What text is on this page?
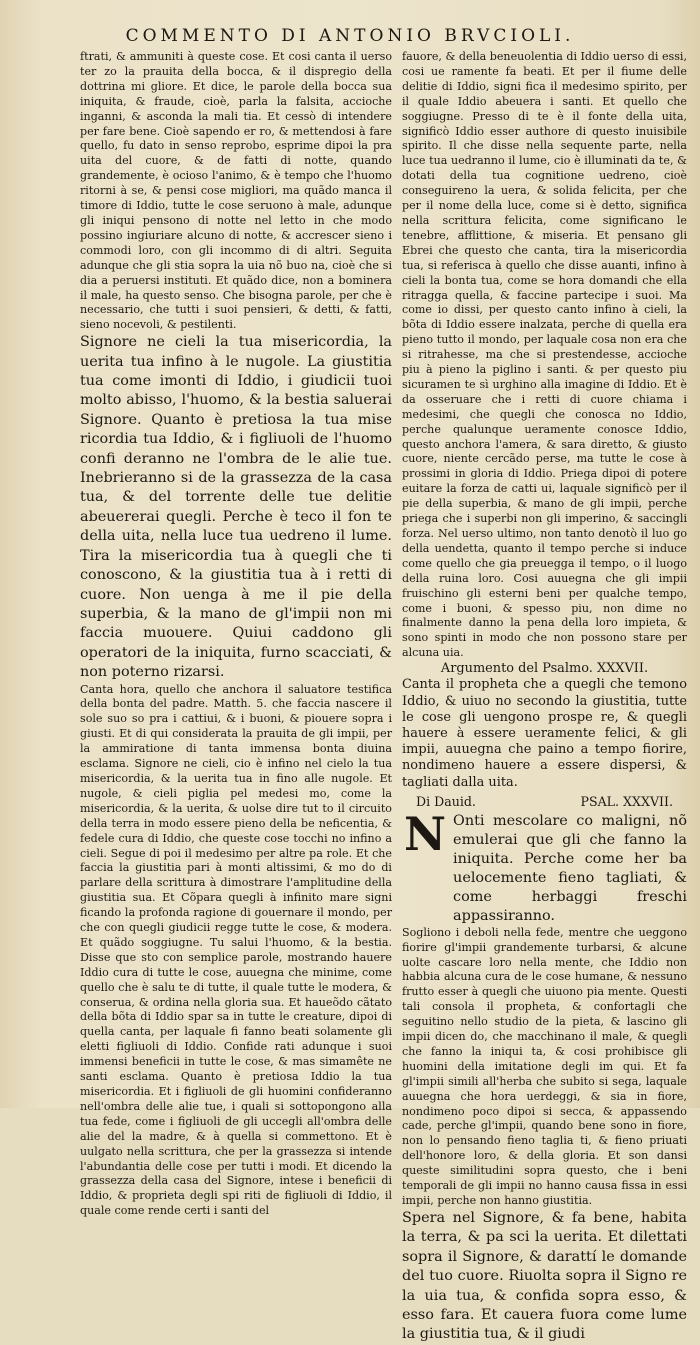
COMMENTO DI ANTONIO BRVCIOLI.

ftrati, & ammuniti à queste cose. Et cosi canta il uerso ter zo la prauita della bocca, & il dispregio della dottrina mi gliore. Et dice, le parole della bocca sua iniquita, & fraude, cioè, parla la falsita, accioche inganni, & asconda la mali tia. Et cessò di intendere per fare bene. Cioè sapendo er ro, & mettendosi à fare quello, fu dato in senso reprobo, esprime dipoi la pra uita del cuore, & de fatti di notte, quando grandemente, è ocioso l'animo, & è tempo che l'huomo ritorni à se, & pensi cose migliori, ma quãdo manca il timore di Iddio, tutte le cose seruono à male, adunque gli iniqui pensono di notte nel letto in che modo possino ingiuriare alcuno di notte, & accrescer sieno i commodi loro, con gli incommo di di altri. Seguita adunque che gli stia sopra la uia nõ buo na, cioè che si dia a peruersi instituti. Et quãdo dice, non a bominera il male, ha questo senso. Che bisogna parole, per che è necessario, che tutti i suoi pensieri, & detti, & fatti, sieno nocevoli, & pestilenti.

Signore ne cieli la tua misericordia, la uerita tua infino à le nugole. La giustitia tua come imonti di Iddio, i giudicii tuoi molto abisso, l'huomo, & la bestia saluerai Signore. Quanto è pretiosa la tua mise ricordia tua Iddio, & i figliuoli de l'huomo confi deranno ne l'ombra de le alie tue. Inebrieranno si de la grassezza de la casa tua, & del torrente delle tue delitie abeuererai quegli. Perche è teco il fon te della uita, nella luce tua uedreno il lume. Tira la misericordia tua à quegli che ti conoscono, & la giustitia tua à i retti di cuore. Non uenga à me il pie della superbia, & la mano de gl'impii non mi faccia muouere. Quiui caddono gli operatori de la iniquita, furno scacciati, & non poterno rizarsi.

Canta hora, quello che anchora il saluatore testifica della bonta del padre. Matth. 5. che faccia nascere il sole suo so pra i cattiui, & i buoni, & piouere sopra i giusti. Et di qui considerata la prauita de gli impii, per la ammiratione di tanta immensa bonta diuina esclama. Signore ne cieli, cio è infino nel cielo la tua misericordia, & la uerita tua in fino alle nugole. Et nugole, & cieli piglia pel medesi mo, come la misericordia, & la uerita, & uolse dire tut to il circuito della terra in modo essere pieno della be neficentia, & fedele cura di Iddio, che queste cose tocchi no infino a cieli. Segue di poi il medesimo per altre pa role. Et che faccia la giustitia pari à monti altissimi, & mo do di parlare della scrittura à dimostrare l'amplitudine della giustitia sua. Et Cõpara quegli à infinito mare signi ficando la profonda ragione di gouernare il mondo, per che con quegli giudicii regge tutte le cose, & modera. Et quãdo soggiugne. Tu salui l'huomo, & la bestia. Disse que sto con semplice parole, mostrando hauere Iddio cura di tutte le cose, auuegna che minime, come quello che è salu te di tutte, il quale tutte le modera, & conserua, & ordina nella gloria sua. Et haueõdo cãtato della bõta di Iddio spar sa in tutte le creature, dipoi di quella canta, per laquale fi fanno beati solamente gli eletti figliuoli di Iddio. Confide rati adunque i suoi immensi beneficii in tutte le cose, & mas simamête ne santi esclama. Quanto è pretiosa Iddio la tua misericordia. Et i figliuoli de gli huomini confideranno nell'ombra delle alie tue, i quali si sottopongono alla tua fede, come i figliuoli de gli uccegli all'ombra delle alie del la madre, & à quella si commettono. Et è uulgato nella scrittura, che per la grassezza si intende l'abundantia delle cose per tutti i modi. Et dicendo la grassezza della casa del Signore, intese i beneficii di Iddio, & proprieta degli spi riti de figliuoli di Iddio, il quale come rende certi i santi del

fauore, & della beneuolentia di Iddio uerso di essi, cosi ue ramente fa beati. Et per il fiume delle delitie di Iddio, signi fica il medesimo spirito, per il quale Iddio abeuera i santi. Et quello che soggiugne. Presso di te è il fonte della uita, significò Iddio esser authore di questo inuisibile spirito. Il che disse nella sequente parte, nella luce tua uedranno il lume, cio è illuminati da te, & dotati della tua cognitione uedreno, cioè conseguireno la uera, & solida felicita, per che per il nome della luce, come si è detto, significa nella scrittura felicita, come significano le tenebre, afflittione, & miseria. Et pensano gli Ebrei che questo che canta, tira la misericordia tua, si referisca à quello che disse auanti, infino à cieli la bonta tua, come se hora domandi che ella ritragga quella, & faccine partecipe i suoi. Ma come io dissi, per questo canto infino à cieli, la bõta di Iddio essere inalzata, perche di quella era pieno tutto il mondo, per laquale cosa non era che si ritrahesse, ma che si prestendesse, accioche piu à pieno la piglino i santi. & per questo piu sicuramen te sì urghino alla imagine di Iddio. Et è da osseruare che i retti di cuore chiama i medesimi, che quegli che conosca no Iddio, perche qualunque ueramente conosce Iddio, questo anchora l'amera, & sara diretto, & giusto cuore, niente cercãdo perse, ma tutte le cose à prossimi in gloria di Iddio. Priega dipoi di potere euitare la forza de catti ui, laquale significò per il pie della superbia, & mano de gli impii, perche priega che i superbi non gli imperino, & saccingli forza. Nel uerso ultimo, non tanto denotò il luo go della uendetta, quanto il tempo perche si induce come quello che gia preuegga il tempo, o il luogo della ruina loro. Cosi auuegna che gli impii fruischino gli esterni beni per qualche tempo, come i buoni, & spesso piu, non dime no finalmente danno la pena della loro impieta, & sono spinti in modo che non possono stare per alcuna uia.

Argumento del Psalmo. XXXVII.

Canta il propheta che a quegli che temono Iddio, & uiuo no secondo la giustitia, tutte le cose gli uengono prospe re, & quegli hauere à essere ueramente felici, & gli impii, auuegna che paino a tempo fiorire, nondimeno hauere a essere dispersi, & tagliati dalla uita.

Di Dauid.	PSAL. XXXVII.
N Onti mescolare co maligni, nõ emulerai que gli che fanno la iniquita. Perche come her ba uelocemente fieno tagliati, & come herbaggi freschi appassiranno.

Sogliono i deboli nella fede, mentre che ueggono fiorire gl'impii grandemente turbarsi, & alcune uolte cascare loro nella mente, che Iddio non habbia alcuna cura de le cose humane, & nessuno frutto esser à quegli che uiuono pia mente. Questi tali consola il propheta, & confortagli che seguitino nello studio de la pieta, & lascino gli impii dicen do, che macchinano il male, & quegli che fanno la iniqui ta, & cosi prohibisce gli huomini della imitatione degli im qui. Et fa gl'impii simili all'herba che subito si sega, laquale auuegna che hora uerdeggi, & sia in fiore, nondimeno poco dipoi si secca, & appassendo cade, perche gl'impii, quando bene sono in fiore, non lo pensando fieno taglia ti, & fieno priuati dell'honore loro, & della gloria. Et son dansi queste similitudini sopra questo, che i beni temporali de gli impii no hanno causa fissa in essi impii, perche non hanno giustitia.

Spera nel Signore, & fa bene, habita la terra, & pa sci la uerita. Et dilettati sopra il Signore, & darattí le domande del tuo cuore. Riuolta sopra il Signo re la uia tua, & confida sopra esso, & esso fara. Et cauera fuora come lume la giustitia tua, & il giudi
